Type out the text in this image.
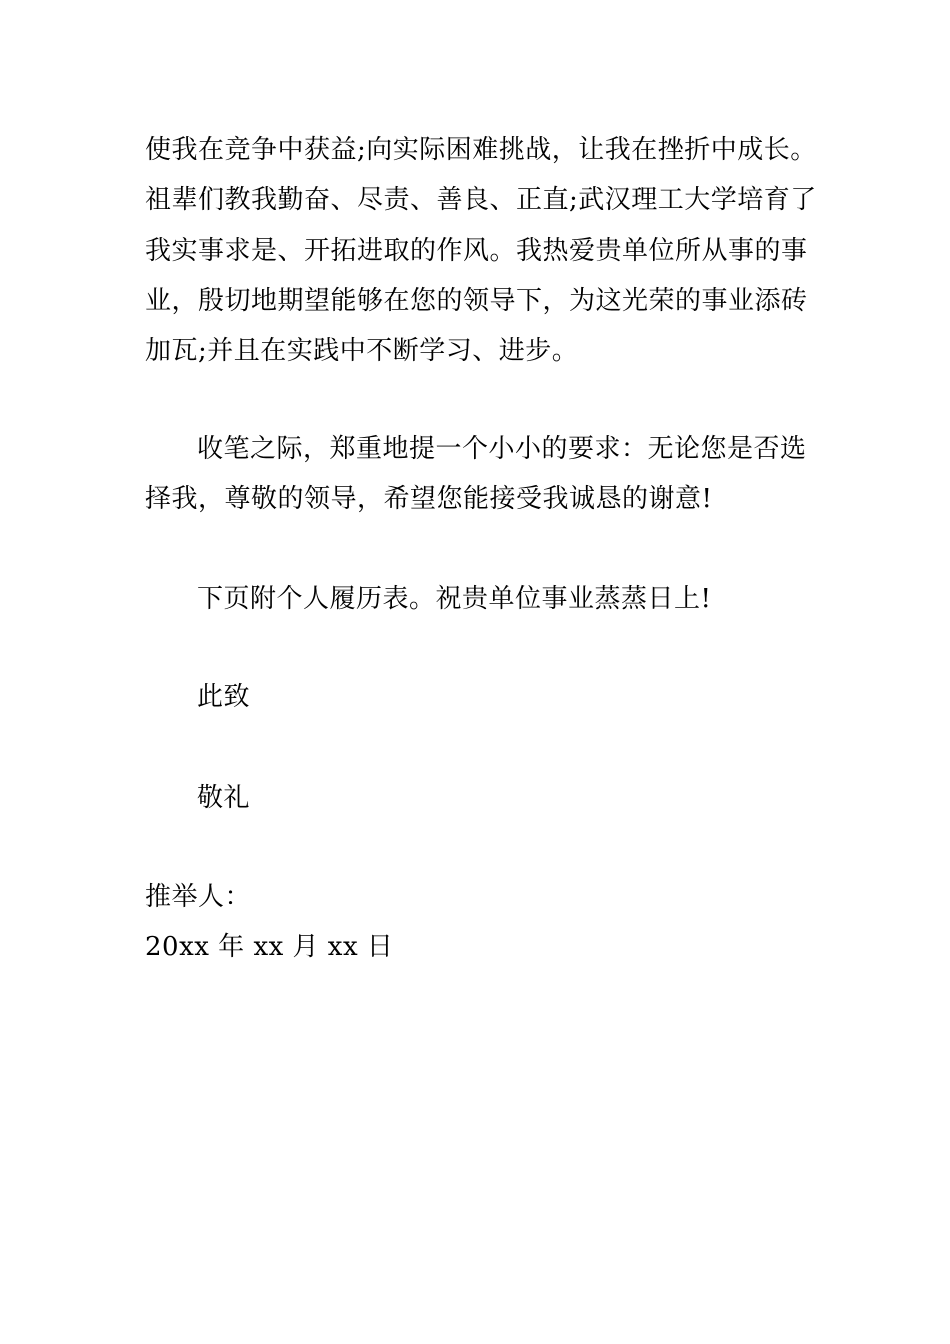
使我在竞争中获益;向实际困难挑战，让我在挫折中成长。
祖辈们教我勤奋、尽责、善良、正直;武汉理工大学培育了
我实事求是、开拓进取的作风。我热爱贵单位所从事的事
业，殷切地期望能够在您的领导下，为这光荣的事业添砖
加瓦;并且在实践中不断学习、进步。
收笔之际，郑重地提一个小小的要求：无论您是否选
择我，尊敬的领导，希望您能接受我诚恳的谢意!
下页附个人履历表。祝贵单位事业蒸蒸日上!
此致
敬礼
推举人：
20xx 年 xx 月 xx 日
